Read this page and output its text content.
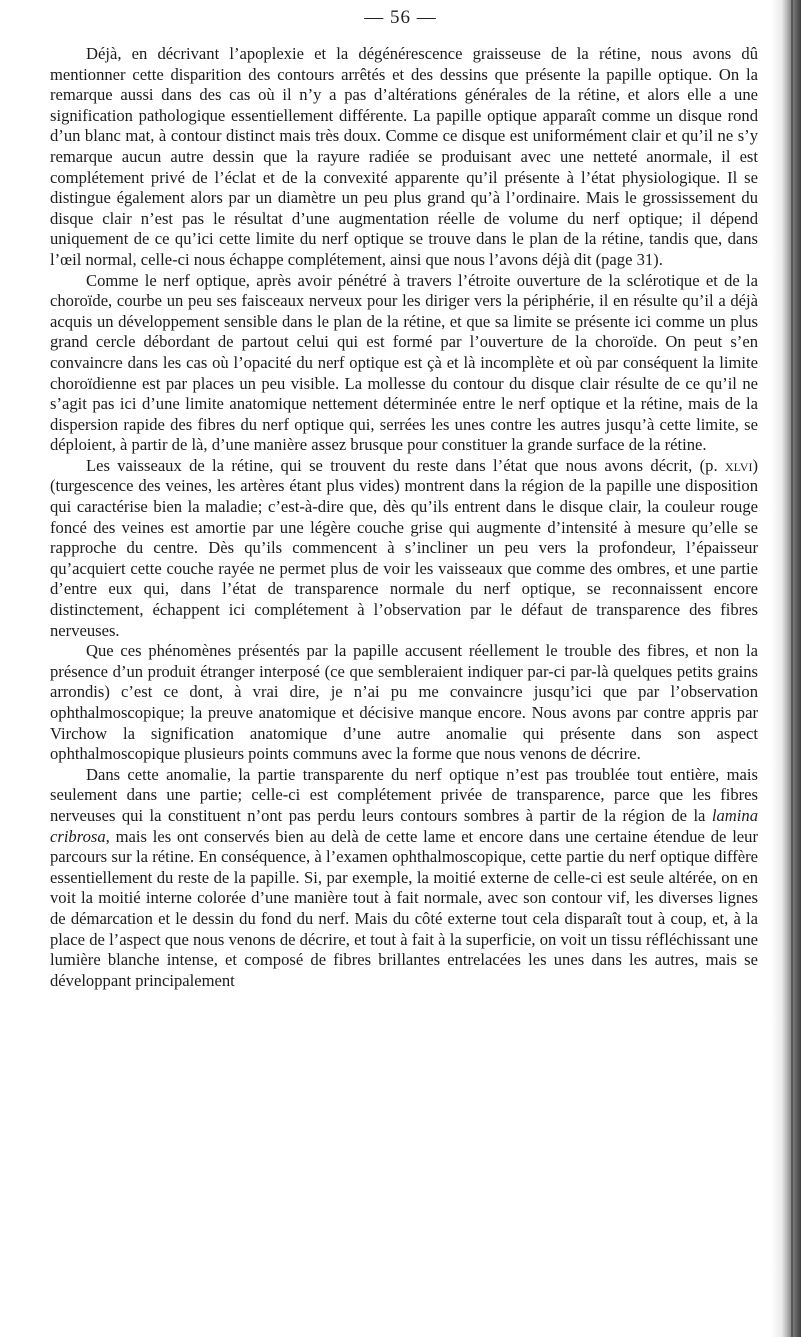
— 56 —

Déjà, en décrivant l’apoplexie et la dégénérescence graisseuse de la rétine, nous avons dû mentionner cette disparition des contours arrêtés et des dessins que présente la papille optique. On la remarque aussi dans des cas où il n’y a pas d’altérations générales de la rétine, et alors elle a une signification pathologique essentiellement différente. La papille optique apparaît comme un disque rond d’un blanc mat, à contour distinct mais très doux. Comme ce disque est uniformément clair et qu’il ne s’y remarque aucun autre dessin que la rayure radiée se produisant avec une netteté anormale, il est complétement privé de l’éclat et de la convexité apparente qu’il présente à l’état physiologique. Il se distingue également alors par un diamètre un peu plus grand qu’à l’ordinaire. Mais le grossissement du disque clair n’est pas le résultat d’une augmentation réelle de volume du nerf optique; il dépend uniquement de ce qu’ici cette limite du nerf optique se trouve dans le plan de la rétine, tandis que, dans l’œil normal, celle-ci nous échappe complétement, ainsi que nous l’avons déjà dit (page 31).

Comme le nerf optique, après avoir pénétré à travers l’étroite ouverture de la sclérotique et de la choroïde, courbe un peu ses faisceaux nerveux pour les diriger vers la périphérie, il en résulte qu’il a déjà acquis un développement sensible dans le plan de la rétine, et que sa limite se présente ici comme un plus grand cercle débordant de partout celui qui est formé par l’ouverture de la choroïde. On peut s’en convaincre dans les cas où l’opacité du nerf optique est çà et là incomplète et où par conséquent la limite choroïdienne est par places un peu visible. La mollesse du contour du disque clair résulte de ce qu’il ne s’agit pas ici d’une limite anatomique nettement déterminée entre le nerf optique et la rétine, mais de la dispersion rapide des fibres du nerf optique qui, serrées les unes contre les autres jusqu’à cette limite, se déploient, à partir de là, d’une manière assez brusque pour constituer la grande surface de la rétine.

Les vaisseaux de la rétine, qui se trouvent du reste dans l’état que nous avons décrit, (p. xlvi) (turgescence des veines, les artères étant plus vides) montrent dans la région de la papille une disposition qui caractérise bien la maladie; c’est-à-dire que, dès qu’ils entrent dans le disque clair, la couleur rouge foncé des veines est amortie par une légère couche grise qui augmente d’intensité à mesure qu’elle se rapproche du centre. Dès qu’ils commencent à s’incliner un peu vers la profondeur, l’épaisseur qu’acquiert cette couche rayée ne permet plus de voir les vaisseaux que comme des ombres, et une partie d’entre eux qui, dans l’état de transparence normale du nerf optique, se reconnaissent encore distinctement, échappent ici complétement à l’observation par le défaut de transparence des fibres nerveuses.

Que ces phénomènes présentés par la papille accusent réellement le trouble des fibres, et non la présence d’un produit étranger interposé (ce que sembleraient indiquer par-ci par-là quelques petits grains arrondis) c’est ce dont, à vrai dire, je n’ai pu me convaincre jusqu’ici que par l’observation ophthalmoscopique; la preuve anatomique et décisive manque encore. Nous avons par contre appris par Virchow la signification anatomique d’une autre anomalie qui présente dans son aspect ophthalmoscopique plusieurs points communs avec la forme que nous venons de décrire.

Dans cette anomalie, la partie transparente du nerf optique n’est pas troublée tout entière, mais seulement dans une partie; celle-ci est complétement privée de transparence, parce que les fibres nerveuses qui la constituent n’ont pas perdu leurs contours sombres à partir de la région de la lamina cribrosa, mais les ont conservés bien au delà de cette lame et encore dans une certaine étendue de leur parcours sur la rétine. En conséquence, à l’examen ophthalmoscopique, cette partie du nerf optique diffère essentiellement du reste de la papille. Si, par exemple, la moitié externe de celle-ci est seule altérée, on en voit la moitié interne colorée d’une manière tout à fait normale, avec son contour vif, les diverses lignes de démarcation et le dessin du fond du nerf. Mais du côté externe tout cela disparaît tout à coup, et, à la place de l’aspect que nous venons de décrire, et tout à fait à la superficie, on voit un tissu réfléchissant une lumière blanche intense, et composé de fibres brillantes entrelacées les unes dans les autres, mais se développant principalement
